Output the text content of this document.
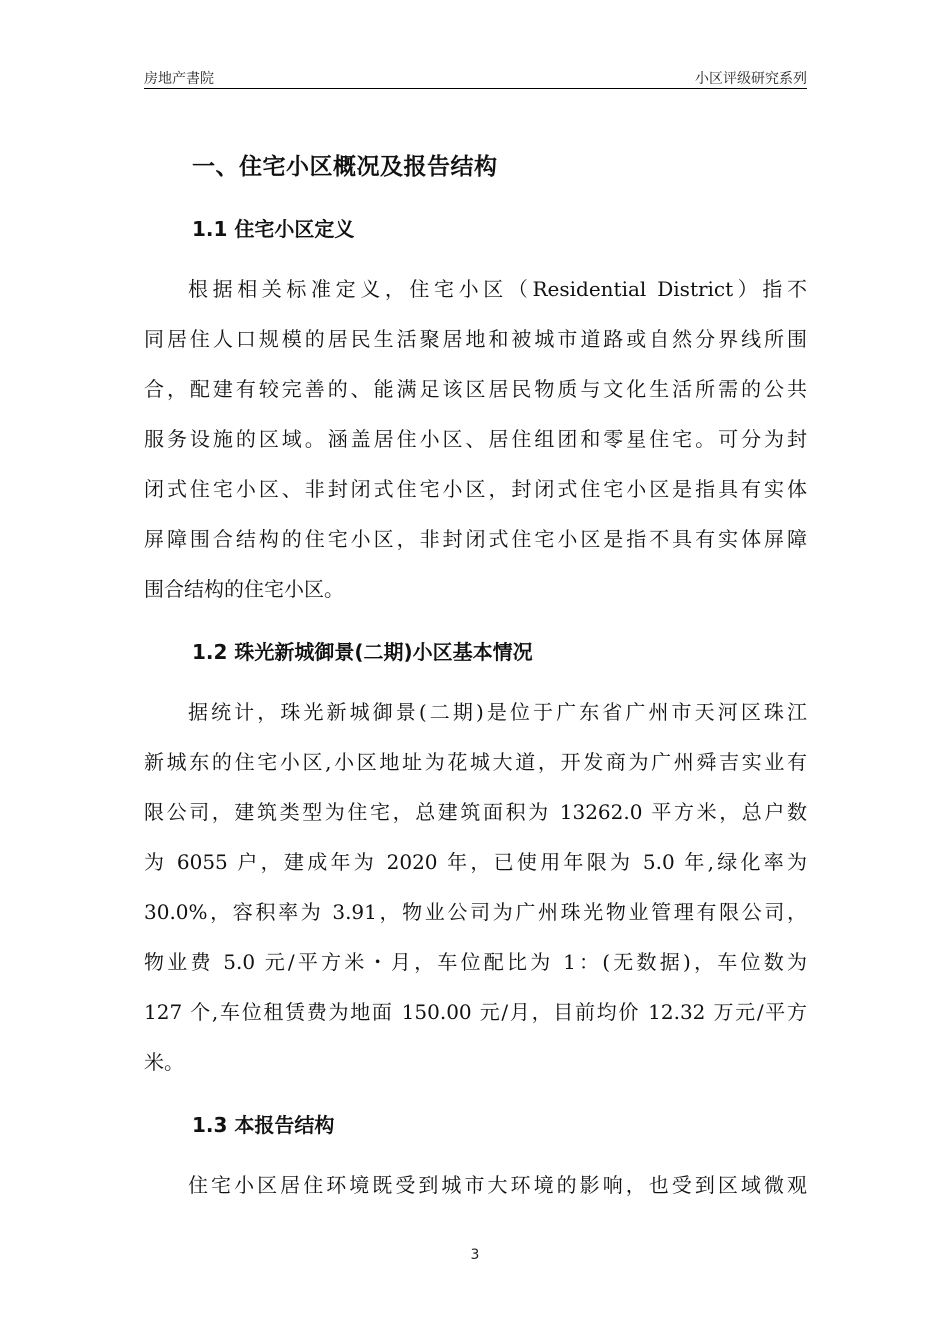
房地产書院	小区评级研究系列
一、住宅小区概况及报告结构
1.1 住宅小区定义
根据相关标准定义，住宅小区（Residential District）指不
同居住人口规模的居民生活聚居地和被城市道路或自然分界线所围
合，配建有较完善的、能满足该区居民物质与文化生活所需的公共
服务设施的区域。涵盖居住小区、居住组团和零星住宅。可分为封
闭式住宅小区、非封闭式住宅小区，封闭式住宅小区是指具有实体
屏障围合结构的住宅小区，非封闭式住宅小区是指不具有实体屏障
围合结构的住宅小区。
1.2 珠光新城御景(二期)小区基本情况
据统计，珠光新城御景(二期)是位于广东省广州市天河区珠江
新城东的住宅小区,小区地址为花城大道，开发商为广州舜吉实业有
限公司，建筑类型为住宅，总建筑面积为 13262.0 平方米，总户数
为 6055 户，建成年为 2020 年，已使用年限为 5.0 年,绿化率为
30.0%，容积率为 3.91，物业公司为广州珠光物业管理有限公司，
物业费 5.0 元/平方米・月，车位配比为 1：(无数据)，车位数为
127 个,车位租赁费为地面 150.00 元/月，目前均价 12.32 万元/平方
米。
1.3 本报告结构
住宅小区居住环境既受到城市大环境的影响，也受到区域微观
3
